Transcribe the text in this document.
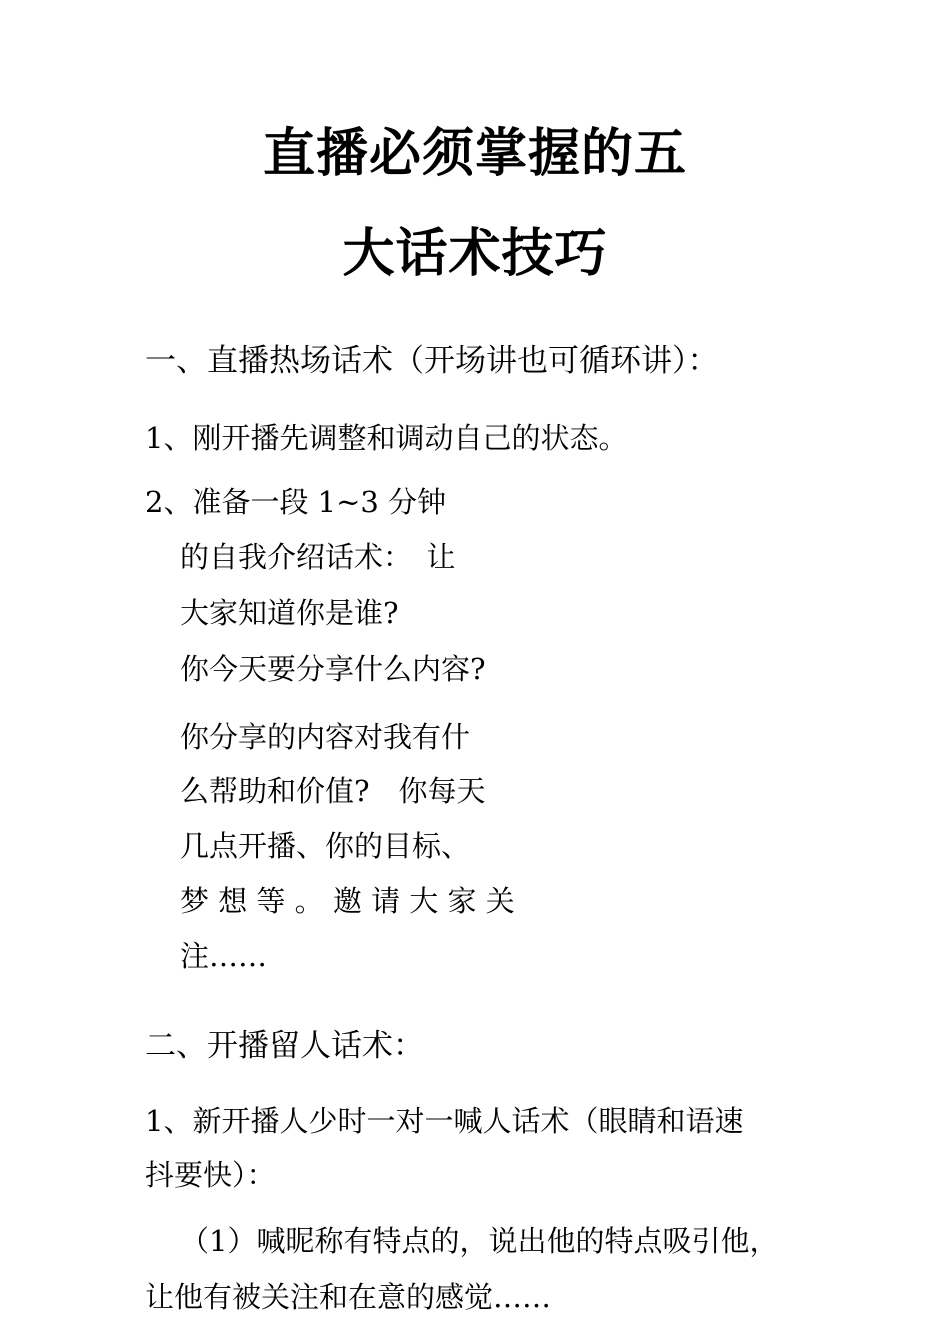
直播必须掌握的五
大话术技巧
一、直播热场话术（开场讲也可循环讲）：
1、刚开播先调整和调动自己的状态。
2、准备一段 1~3 分钟
的自我介绍话术：　让
大家知道你是谁?
你今天要分享什么内容?
你分享的内容对我有什
么帮助和价值?　你每天
几点开播、你的目标、
梦 想 等 。 邀 请 大 家 关
注……
二、开播留人话术：
1、新开播人少时一对一喊人话术（眼睛和语速
抖要快）：
（1）喊昵称有特点的，说出他的特点吸引他，
让他有被关注和在意的感觉……
